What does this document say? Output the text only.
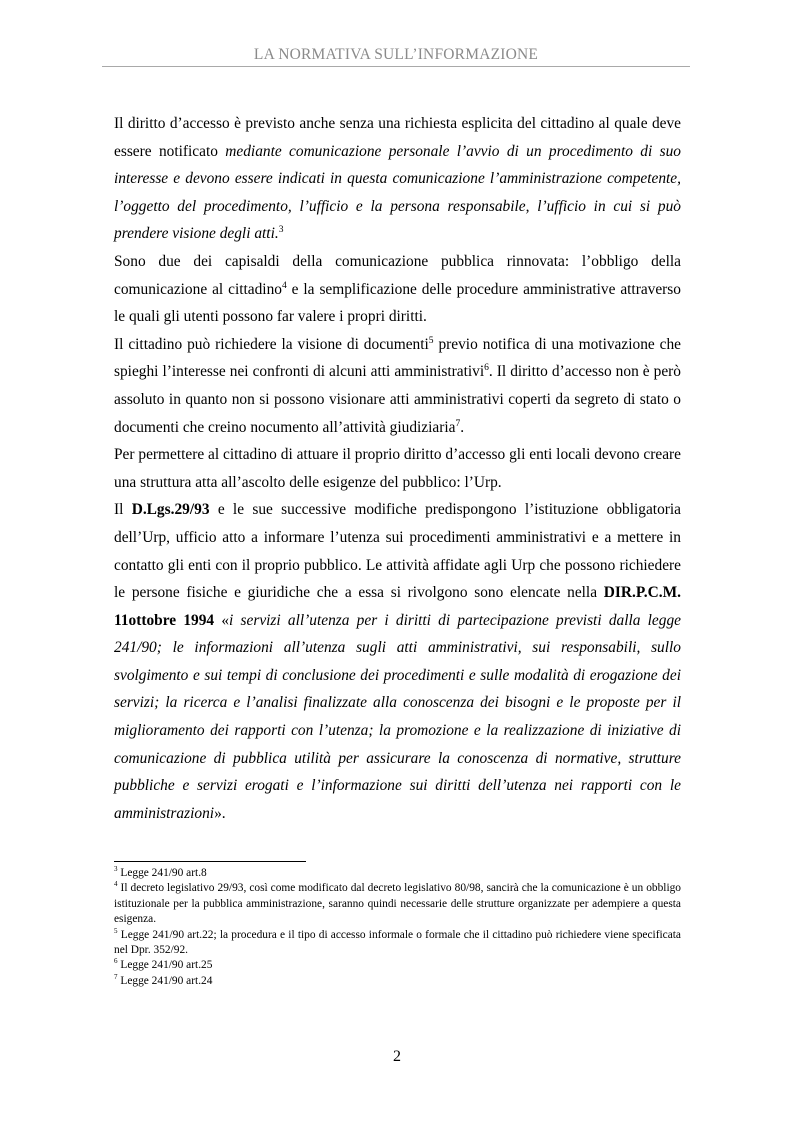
LA NORMATIVA SULL’INFORMAZIONE

Il diritto d’accesso è previsto anche senza una richiesta esplicita del cittadino al quale deve essere notificato mediante comunicazione personale l’avvio di un procedimento di suo interesse e devono essere indicati in questa comunicazione l’amministrazione competente, l’oggetto del procedimento, l’ufficio e la persona responsabile, l’ufficio in cui si può prendere visione degli atti.$^3$

Sono due dei capisaldi della comunicazione pubblica rinnovata: l’obbligo della comunicazione al cittadino$^4$ e la semplificazione delle procedure amministrative attraverso le quali gli utenti possono far valere i propri diritti.

Il cittadino può richiedere la visione di documenti$^5$ previo notifica di una motivazione che spieghi l’interesse nei confronti di alcuni atti amministrativi$^6$. Il diritto d’accesso non è però assoluto in quanto non si possono visionare atti amministrativi coperti da segreto di stato o documenti che creino nocumento all’attività giudiziaria$^7$.

Per permettere al cittadino di attuare il proprio diritto d’accesso gli enti locali devono creare una struttura atta all’ascolto delle esigenze del pubblico: l’Urp.

Il D.Lgs.29/93 e le sue successive modifiche predispongono l’istituzione obbligatoria dell’Urp, ufficio atto a informare l’utenza sui procedimenti amministrativi e a mettere in contatto gli enti con il proprio pubblico. Le attività affidate agli Urp che possono richiedere le persone fisiche e giuridiche che a essa si rivolgono sono elencate nella DIR.P.C.M. 11ottobre 1994 «i servizi all’utenza per i diritti di partecipazione previsti dalla legge 241/90; le informazioni all’utenza sugli atti amministrativi, sui responsabili, sullo svolgimento e sui tempi di conclusione dei procedimenti e sulle modalità di erogazione dei servizi; la ricerca e l’analisi finalizzate alla conoscenza dei bisogni e le proposte per il miglioramento dei rapporti con l’utenza; la promozione e la realizzazione di iniziative di comunicazione di pubblica utilità per assicurare la conoscenza di normative, strutture pubbliche e servizi erogati e l’informazione sui diritti dell’utenza nei rapporti con le amministrazioni».

$^3$ Legge 241/90 art.8

$^4$ Il decreto legislativo 29/93, così come modificato dal decreto legislativo 80/98, sancirà che la comunicazione è un obbligo istituzionale per la pubblica amministrazione, saranno quindi necessarie delle strutture organizzate per adempiere a questa esigenza.

$^5$ Legge 241/90 art.22; la procedura e il tipo di accesso informale o formale che il cittadino può richiedere viene specificata nel Dpr. 352/92.

$^6$ Legge 241/90 art.25

$^7$ Legge 241/90 art.24

2
